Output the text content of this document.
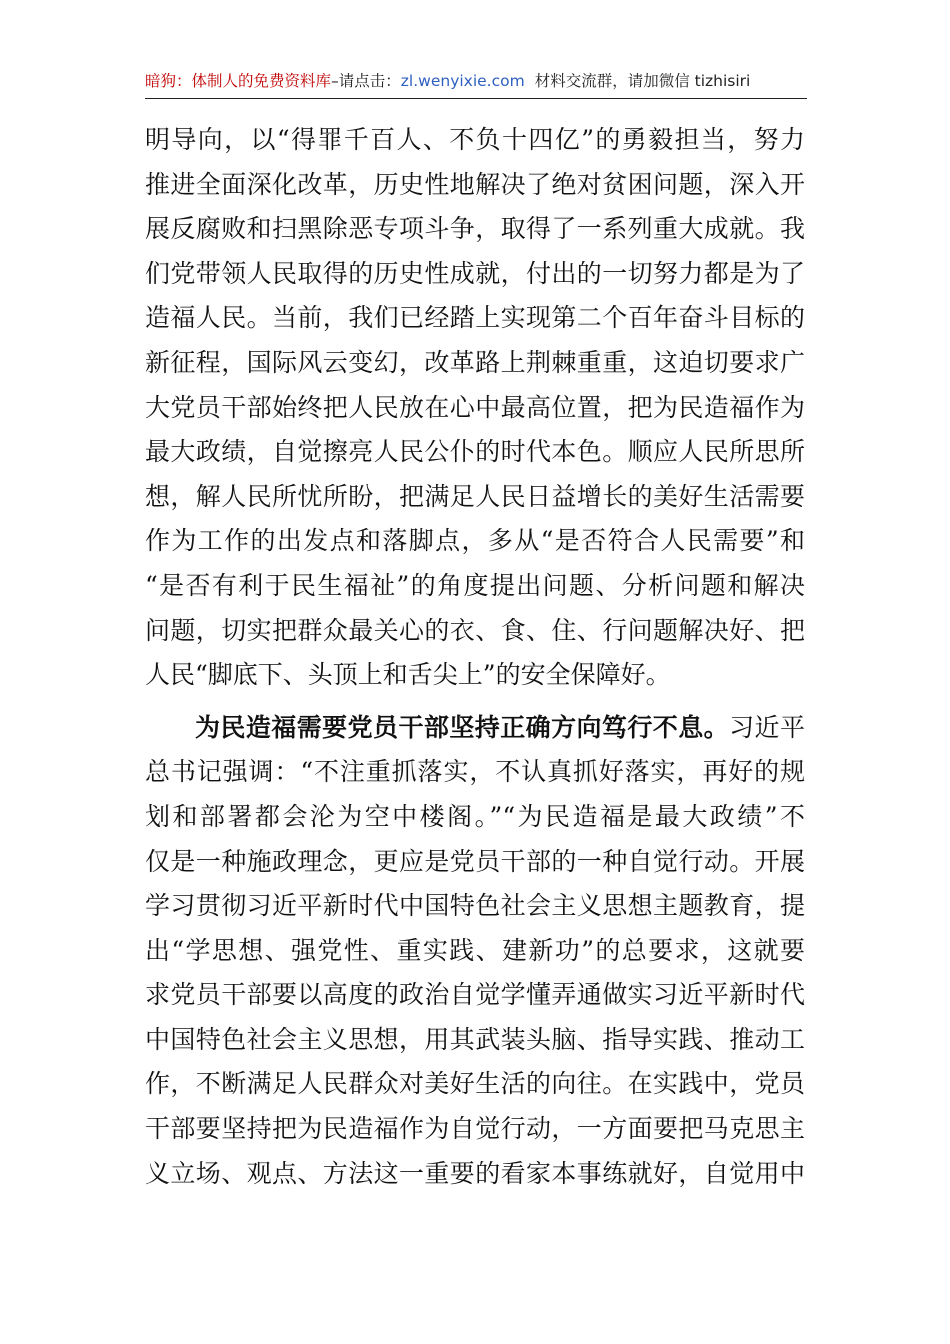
暗狗：体制人的免费资料库–请点击：zl.wenyixie.com 材料交流群，请加微信 tizhisiri
明导向，以“得罪千百人、不负十四亿”的勇毅担当，努力
推进全面深化改革，历史性地解决了绝对贫困问题，深入开
展反腐败和扫黑除恶专项斗争，取得了一系列重大成就。我
们党带领人民取得的历史性成就，付出的一切努力都是为了
造福人民。当前，我们已经踏上实现第二个百年奋斗目标的
新征程，国际风云变幻，改革路上荆棘重重，这迫切要求广
大党员干部始终把人民放在心中最高位置，把为民造福作为
最大政绩，自觉擦亮人民公仆的时代本色。顺应人民所思所
想，解人民所忧所盼，把满足人民日益增长的美好生活需要
作为工作的出发点和落脚点，多从“是否符合人民需要”和
“是否有利于民生福祉”的角度提出问题、分析问题和解决
问题，切实把群众最关心的衣、食、住、行问题解决好、把
人民“脚底下、头顶上和舌尖上”的安全保障好。
为民造福需要党员干部坚持正确方向笃行不息。习近平
总书记强调：“不注重抓落实，不认真抓好落实，再好的规
划和部署都会沦为空中楼阁。”“为民造福是最大政绩”不
仅是一种施政理念，更应是党员干部的一种自觉行动。开展
学习贯彻习近平新时代中国特色社会主义思想主题教育，提
出“学思想、强党性、重实践、建新功”的总要求，这就要
求党员干部要以高度的政治自觉学懂弄通做实习近平新时代
中国特色社会主义思想，用其武装头脑、指导实践、推动工
作，不断满足人民群众对美好生活的向往。在实践中，党员
干部要坚持把为民造福作为自觉行动，一方面要把马克思主
义立场、观点、方法这一重要的看家本事练就好，自觉用中
